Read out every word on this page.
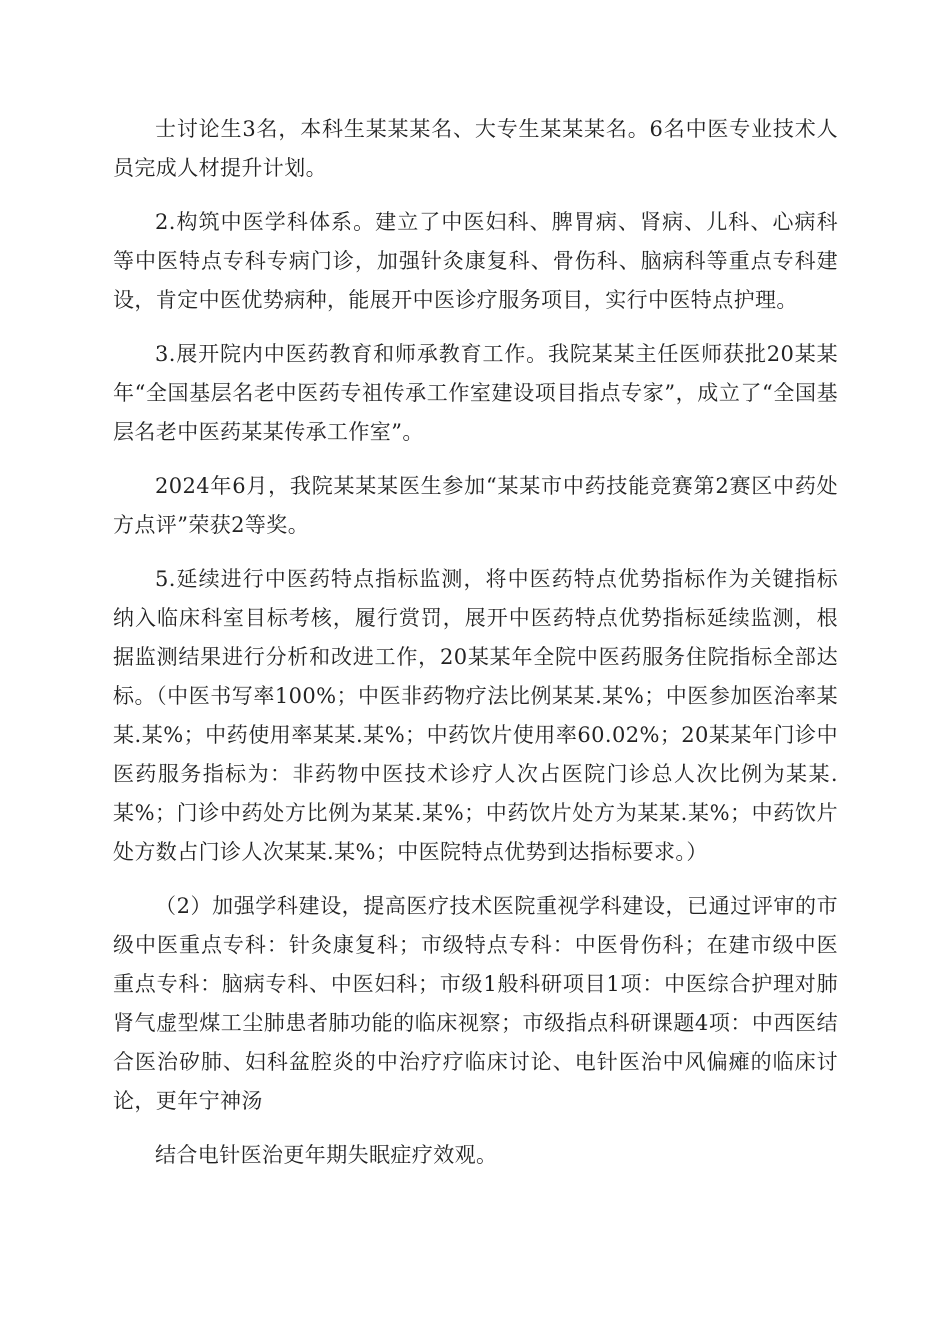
士讨论生3名，本科生某某某名、大专生某某某名。6名中医专业技术人员完成人材提升计划。

2.构筑中医学科体系。建立了中医妇科、脾胃病、肾病、儿科、心病科等中医特点专科专病门诊，加强针灸康复科、骨伤科、脑病科等重点专科建设，肯定中医优势病种，能展开中医诊疗服务项目，实行中医特点护理。

3.展开院内中医药教育和师承教育工作。我院某某主任医师获批20某某年“全国基层名老中医药专祖传承工作室建设项目指点专家”，成立了“全国基层名老中医药某某传承工作室”。

2024年6月，我院某某某医生参加“某某市中药技能竞赛第2赛区中药处方点评”荣获2等奖。

5.延续进行中医药特点指标监测，将中医药特点优势指标作为关键指标纳入临床科室目标考核，履行赏罚，展开中医药特点优势指标延续监测，根据监测结果进行分析和改进工作，20某某年全院中医药服务住院指标全部达标。（中医书写率100%；中医非药物疗法比例某某.某%；中医参加医治率某某.某%；中药使用率某某.某%；中药饮片使用率60.02%；20某某年门诊中医药服务指标为：非药物中医技术诊疗人次占医院门诊总人次比例为某某.某%；门诊中药处方比例为某某.某%；中药饮片处方为某某.某%；中药饮片处方数占门诊人次某某.某%；中医院特点优势到达指标要求。）

（2）加强学科建设，提高医疗技术医院重视学科建设，已通过评审的市级中医重点专科：针灸康复科；市级特点专科：中医骨伤科；在建市级中医重点专科：脑病专科、中医妇科；市级1般科研项目1项：中医综合护理对肺肾气虚型煤工尘肺患者肺功能的临床视察；市级指点科研课题4项：中西医结合医治矽肺、妇科盆腔炎的中治疗疗临床讨论、电针医治中风偏瘫的临床讨论，更年宁神汤

结合电针医治更年期失眠症疗效观。
